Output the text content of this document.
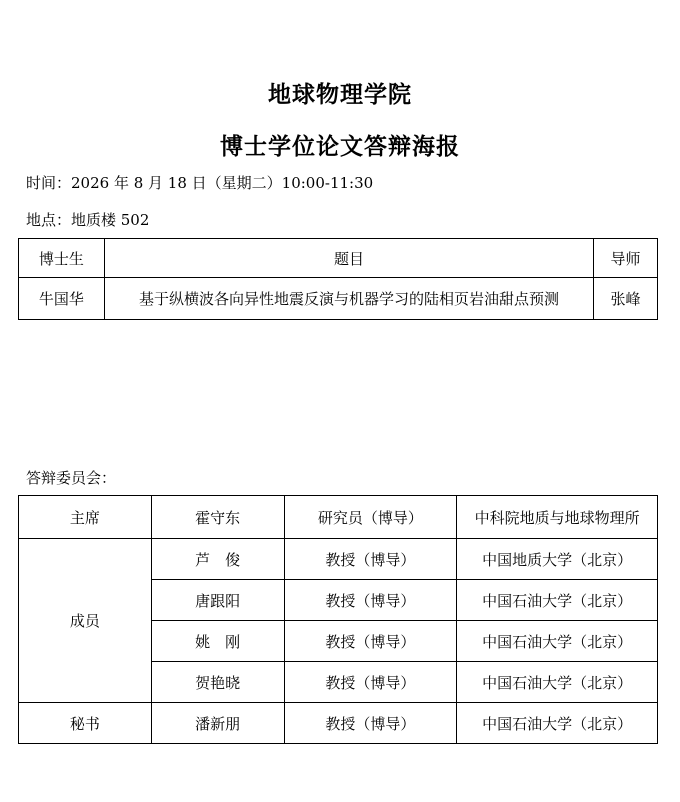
地球物理学院
博士学位论文答辩海报
时间：2026 年 8 月 18 日（星期二）10:00-11:30
地点：地质楼 502
博士生	题目	导师
牛国华	基于纵横波各向异性地震反演与机器学习的陆相页岩油甜点预测	张峰
答辩委员会：
主席	霍守东	研究员（博导）	中科院地质与地球物理所
成员	芦　俊	教授（博导）	中国地质大学（北京）
	唐跟阳	教授（博导）	中国石油大学（北京）
	姚　刚	教授（博导）	中国石油大学（北京）
	贺艳晓	教授（博导）	中国石油大学（北京）
秘书	潘新朋	教授（博导）	中国石油大学（北京）
